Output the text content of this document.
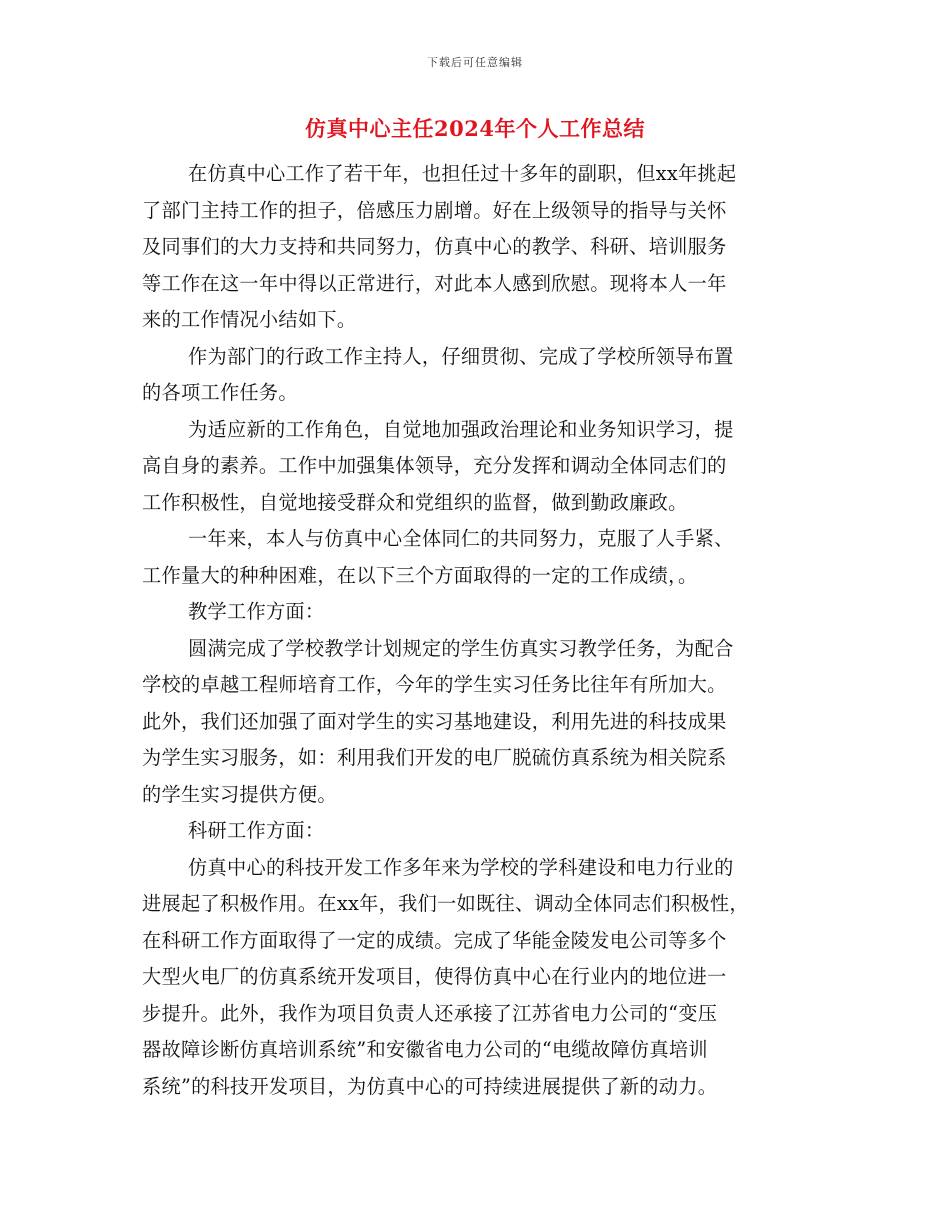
下载后可任意编辑
仿真中心主任2024年个人工作总结
在仿真中心工作了若干年，也担任过十多年的副职，但xx年挑起
了部门主持工作的担子，倍感压力剧增。好在上级领导的指导与关怀
及同事们的大力支持和共同努力，仿真中心的教学、科研、培训服务
等工作在这一年中得以正常进行，对此本人感到欣慰。现将本人一年
来的工作情况小结如下。
作为部门的行政工作主持人，仔细贯彻、完成了学校所领导布置
的各项工作任务。
为适应新的工作角色，自觉地加强政治理论和业务知识学习，提
高自身的素养。工作中加强集体领导，充分发挥和调动全体同志们的
工作积极性，自觉地接受群众和党组织的监督，做到勤政廉政。
一年来，本人与仿真中心全体同仁的共同努力，克服了人手紧、
工作量大的种种困难，在以下三个方面取得的一定的工作成绩，。
教学工作方面：
圆满完成了学校教学计划规定的学生仿真实习教学任务，为配合
学校的卓越工程师培育工作，今年的学生实习任务比往年有所加大。
此外，我们还加强了面对学生的实习基地建设，利用先进的科技成果
为学生实习服务，如：利用我们开发的电厂脱硫仿真系统为相关院系
的学生实习提供方便。
科研工作方面：
仿真中心的科技开发工作多年来为学校的学科建设和电力行业的
进展起了积极作用。在xx年，我们一如既往、调动全体同志们积极性，
在科研工作方面取得了一定的成绩。完成了华能金陵发电公司等多个
大型火电厂的仿真系统开发项目，使得仿真中心在行业内的地位进一
步提升。此外，我作为项目负责人还承接了江苏省电力公司的“变压
器故障诊断仿真培训系统”和安徽省电力公司的“电缆故障仿真培训
系统”的科技开发项目，为仿真中心的可持续进展提供了新的动力。
